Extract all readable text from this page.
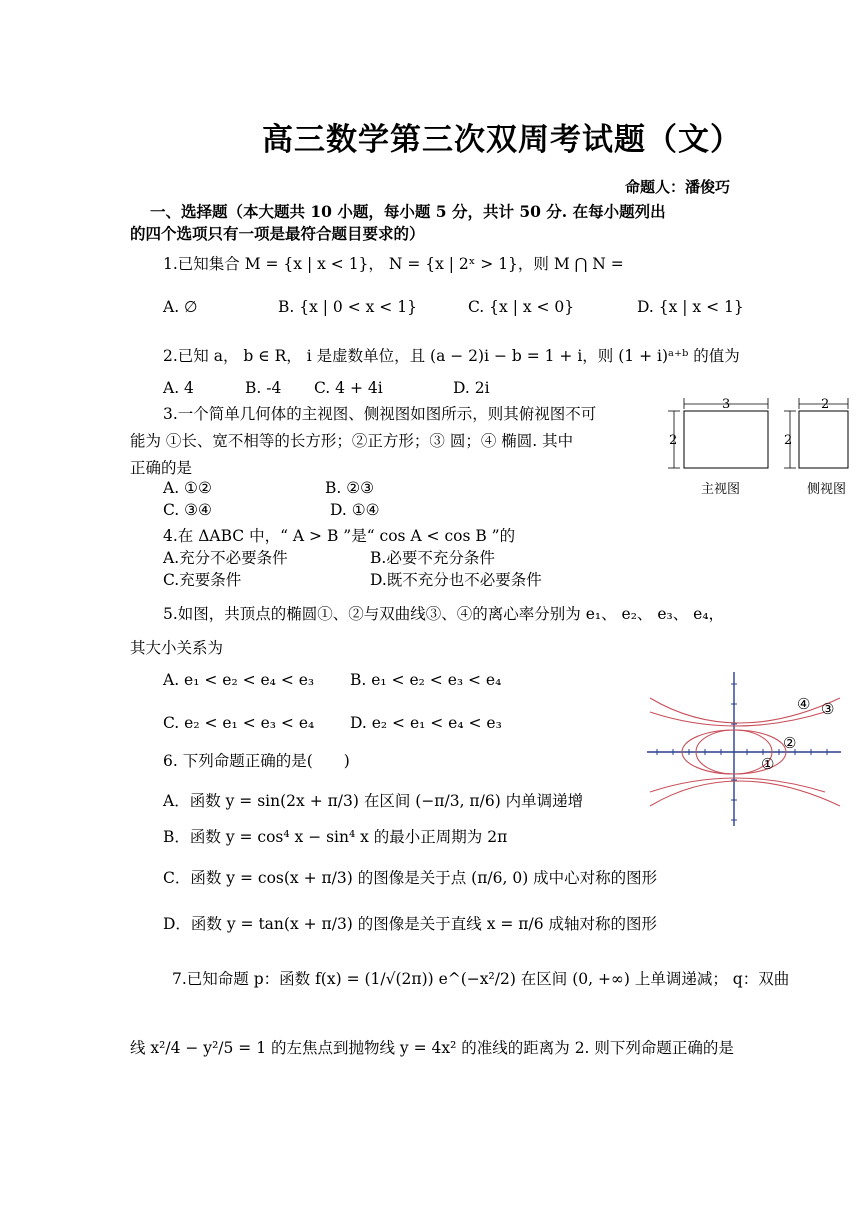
高三数学第三次双周考试题（文）
命题人：潘俊巧
一、选择题（本大题共 10 小题，每小题 5 分，共计 50 分. 在每小题列出
的四个选项只有一项是最符合题目要求的）
1.已知集合 M = {x | x < 1}， N = {x | 2ˣ > 1}，则 M ⋂ N =
A. ∅	B. {x | 0 < x < 1}	C. {x | x < 0}	D. {x | x < 1}
2.已知 a， b ∈ R， i 是虚数单位，且 (a − 2)i − b = 1 + i，则 (1 + i)ᵃ⁺ᵇ 的值为
A. 4	B. -4 C. 4 + 4i	D. 2i
3.一个简单几何体的主视图、侧视图如图所示，则其俯视图不可
能为 ①长、宽不相等的长方形；②正方形；③ 圆；④ 椭圆. 其中
正确的是
A. ①②	B. ②③
C. ③④	D. ①④
3
2
2
2
主视图	侧视图
4.在 ΔABC 中，“ A > B ”是“ cos A < cos B ”的
A.充分不必要条件	B.必要不充分条件
C.充要条件	D.既不充分也不必要条件
5.如图，共顶点的椭圆①、②与双曲线③、④的离心率分别为 e₁、 e₂、 e₃、 e₄，
其大小关系为
A. e₁ < e₂ < e₄ < e₃ B. e₁ < e₂ < e₃ < e₄
C. e₂ < e₁ < e₃ < e₄ D. e₂ < e₁ < e₄ < e₃
④ ③
②
①
6. 下列命题正确的是(　　)
A．函数 y = sin(2x + π/3) 在区间 (−π/3, π/6) 内单调递增
B．函数 y = cos⁴ x − sin⁴ x 的最小正周期为 2π
C．函数 y = cos(x + π/3) 的图像是关于点 (π/6, 0) 成中心对称的图形
D．函数 y = tan(x + π/3) 的图像是关于直线 x = π/6 成轴对称的图形
7.已知命题 p：函数 f(x) = (1/√(2π)) e^(−x²/2) 在区间 (0, +∞) 上单调递减； q：双曲
线 x²/4 − y²/5 = 1 的左焦点到抛物线 y = 4x² 的准线的距离为 2. 则下列命题正确的是
